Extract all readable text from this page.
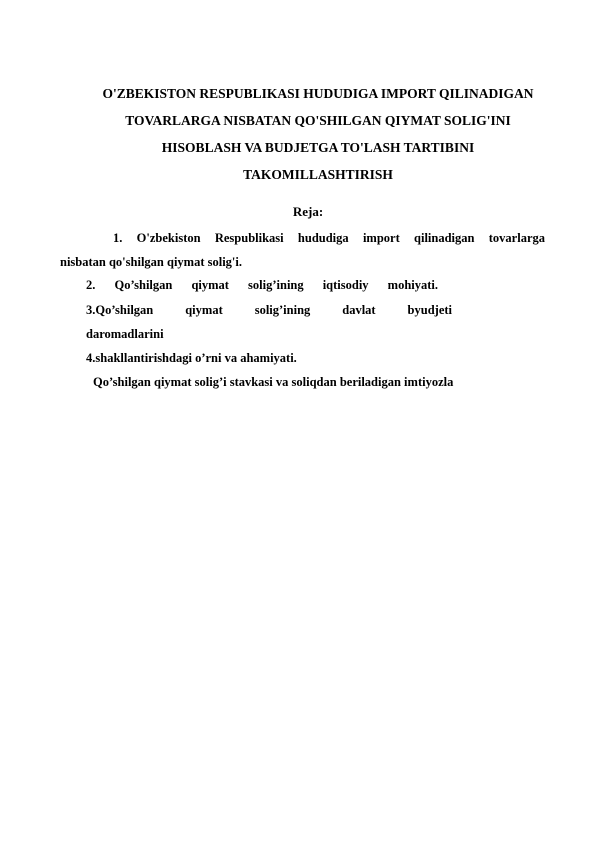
O'ZBEKISTON RESPUBLIKASI HUDUDIGA IMPORT QILINADIGAN
TOVARLARGA NISBATAN QO'SHILGAN QIYMAT SOLIG'INI
HISOBLASH VA BUDJETGA TO'LASH TARTIBINI
TAKOMILLASHTIRISH

Reja:

1. O'zbekiston Respublikasi hududiga import qilinadigan tovarlarga

nisbatan qo'shilgan qiymat solig'i.

2. Qo’shilgan qiymat solig’ining iqtisodiy mohiyati.

3.Qo’shilgan qiymat solig’ining davlat byudjeti

daromadlarini

4.shakllantirishdagi o’rni va ahamiyati.

Qo’shilgan qiymat solig’i stavkasi va soliqdan beriladigan imtiyozla
